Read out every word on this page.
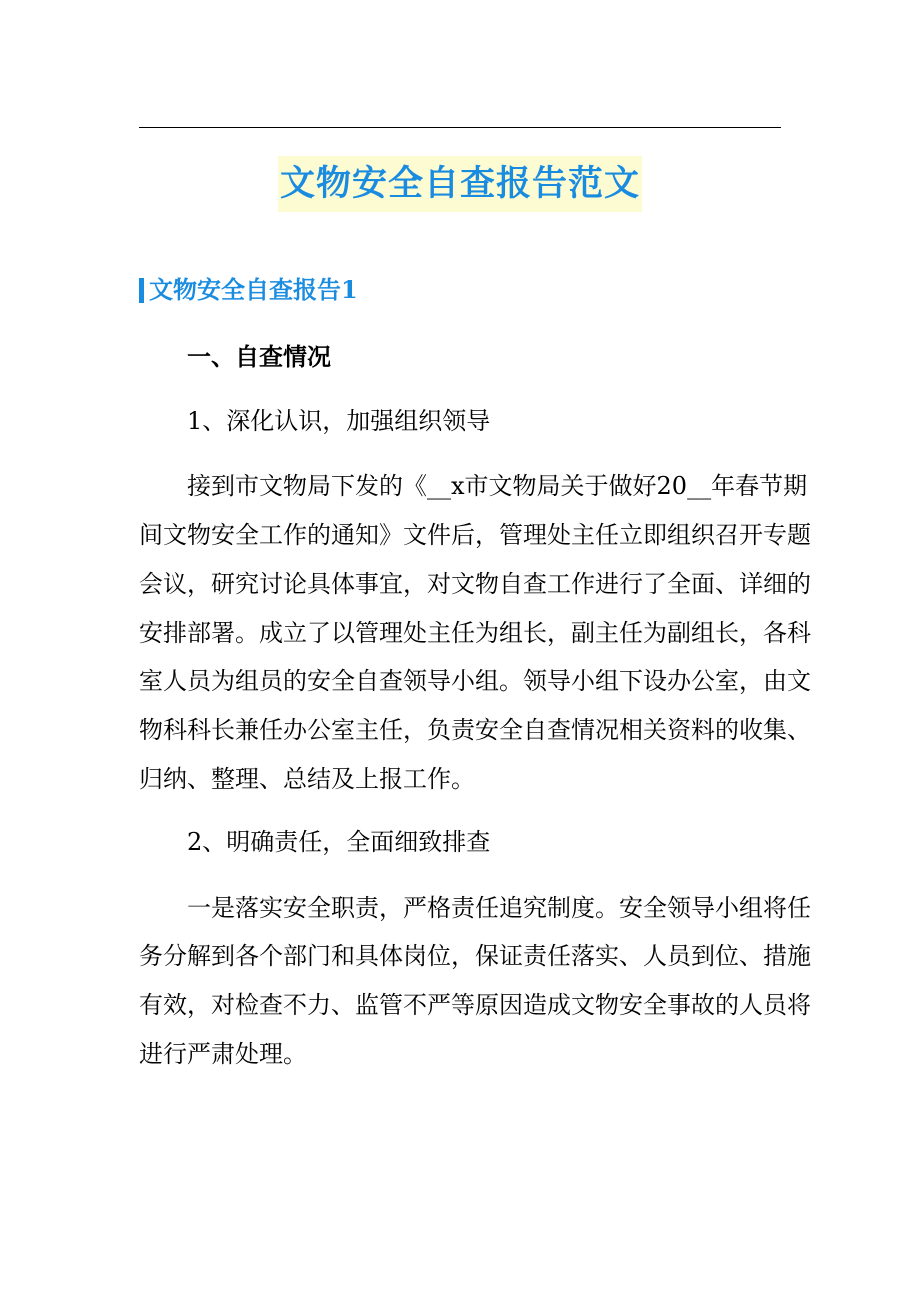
文物安全自查报告范文
文物安全自查报告1
一、自查情况
1、深化认识，加强组织领导
接到市文物局下发的《__x市文物局关于做好20__年春节期
间文物安全工作的通知》文件后，管理处主任立即组织召开专题
会议，研究讨论具体事宜，对文物自查工作进行了全面、详细的
安排部署。成立了以管理处主任为组长，副主任为副组长，各科
室人员为组员的安全自查领导小组。领导小组下设办公室，由文
物科科长兼任办公室主任，负责安全自查情况相关资料的收集、
归纳、整理、总结及上报工作。
2、明确责任，全面细致排查
一是落实安全职责，严格责任追究制度。安全领导小组将任
务分解到各个部门和具体岗位，保证责任落实、人员到位、措施
有效，对检查不力、监管不严等原因造成文物安全事故的人员将
进行严肃处理。
